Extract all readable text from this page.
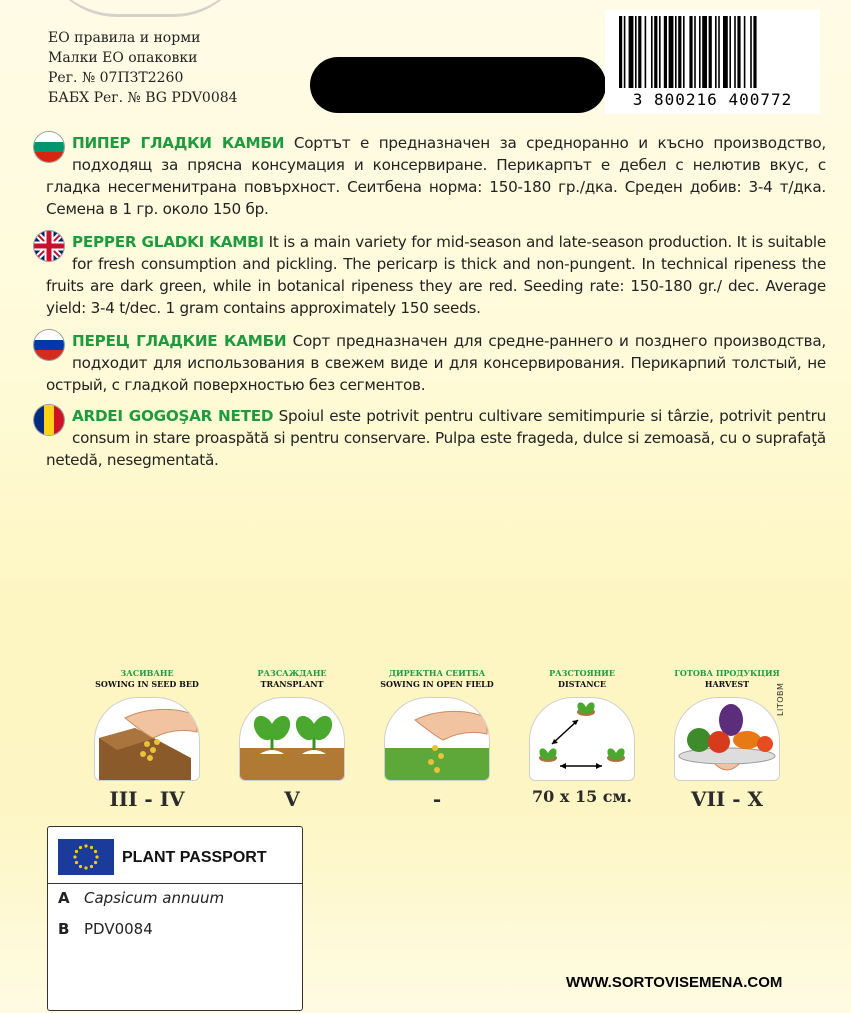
ЕО правила и норми
Малки ЕО опаковки
Рег. № 07ПЗТ2260
БАБХ Рег. № BG PDV0084	3 800216 400772
ПИПЕР ГЛАДКИ КАМБИ Сортът е предназначен за средноранно и късно производство, подходящ за прясна консумация и консервиране. Перикарпът е дебел с нелютив вкус, с гладка несегменитрана повърхност. Сеитбена норма: 150-180 гр./дка. Среден добив: 3-4 т/дка. Семена в 1 гр. около 150 бр.
PEPPER GLADKI KAMBI It is a main variety for mid-season and late-season production. It is suitable for fresh consumption and pickling. The pericarp is thick and non-pungent. In technical ripeness the fruits are dark green, while in botanical ripeness they are red. Seeding rate: 150-180 gr./ dec. Average yield: 3-4 t/dec. 1 gram contains approximately 150 seeds.
ПЕРЕЦ ГЛАДКИЕ КАМБИ Сорт предназначен для средне-раннего и позднего производства, подходит для использования в свежем виде и для консервирования. Перикарпий толстый, не острый, с гладкой поверхностью без сегментов.
ARDEI GOGOŞAR NETED Spoiul este potrivit pentru cultivare semitimpurie si târzie, potrivit pentru consum in stare proaspătă si pentru conservare. Pulpa este frageda, dulce si zemoasă, cu o suprafaţă netedă, nesegmentată.
ЗАСИВАНЕ
SOWING IN SEED BED
III - IV
РАЗСАЖДАНЕ
TRANSPLANT
V
ДИРЕКТНА СЕИТБА
SOWING IN OPEN FIELD
-
РАЗСТОЯНИЕ
DISTANCE
70 x 15 см.
ГОТОВА ПРОДУКЦИЯ
HARVEST
VII - X
LITOBM
PLANT PASSPORT
A Capsicum annuum
B PDV0084
WWW.SORTOVISEMENA.COM
